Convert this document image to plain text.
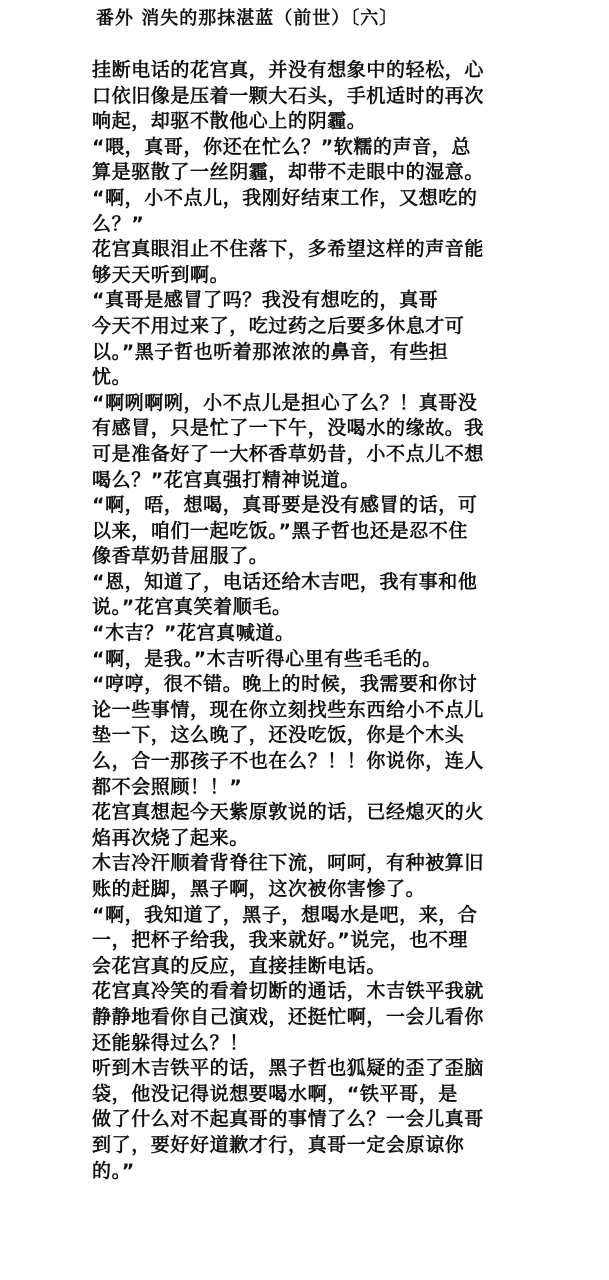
番外 消失的那抹湛蓝（前世）〔六〕
挂断电话的花宫真，并没有想象中的轻松，心
口依旧像是压着一颗大石头，手机适时的再次
响起，却驱不散他心上的阴霾。
“喂，真哥，你还在忙么？”软糯的声音，总
算是驱散了一丝阴霾，却带不走眼中的湿意。
“啊，小不点儿，我刚好结束工作，又想吃的
么？”
花宫真眼泪止不住落下，多希望这样的声音能
够天天听到啊。
“真哥是感冒了吗？我没有想吃的，真哥
今天不用过来了，吃过药之后要多休息才可
以。”黑子哲也听着那浓浓的鼻音，有些担
忧。
“啊咧啊咧，小不点儿是担心了么？！真哥没
有感冒，只是忙了一下午，没喝水的缘故。我
可是准备好了一大杯香草奶昔，小不点儿不想
喝么？”花宫真强打精神说道。
“啊，唔，想喝，真哥要是没有感冒的话，可
以来，咱们一起吃饭。”黑子哲也还是忍不住
像香草奶昔屈服了。
“恩，知道了，电话还给木吉吧，我有事和他
说。”花宫真笑着顺毛。
“木吉？”花宫真喊道。
“啊，是我。”木吉听得心里有些毛毛的。
“哼哼，很不错。晚上的时候，我需要和你讨
论一些事情，现在你立刻找些东西给小不点儿
垫一下，这么晚了，还没吃饭，你是个木头
么，合一那孩子不也在么？！！你说你，连人
都不会照顾！！”
花宫真想起今天紫原敦说的话，已经熄灭的火
焰再次烧了起来。
木吉冷汗顺着背脊往下流，呵呵，有种被算旧
账的赶脚，黑子啊，这次被你害惨了。
“啊，我知道了，黑子，想喝水是吧，来，合
一，把杯子给我，我来就好。”说完，也不理
会花宫真的反应，直接挂断电话。
花宫真冷笑的看着切断的通话，木吉铁平我就
静静地看你自己演戏，还挺忙啊，一会儿看你
还能躲得过么？！
听到木吉铁平的话，黑子哲也狐疑的歪了歪脑
袋，他没记得说想要喝水啊，“铁平哥，是
做了什么对不起真哥的事情了么？一会儿真哥
到了，要好好道歉才行，真哥一定会原谅你
的。”
